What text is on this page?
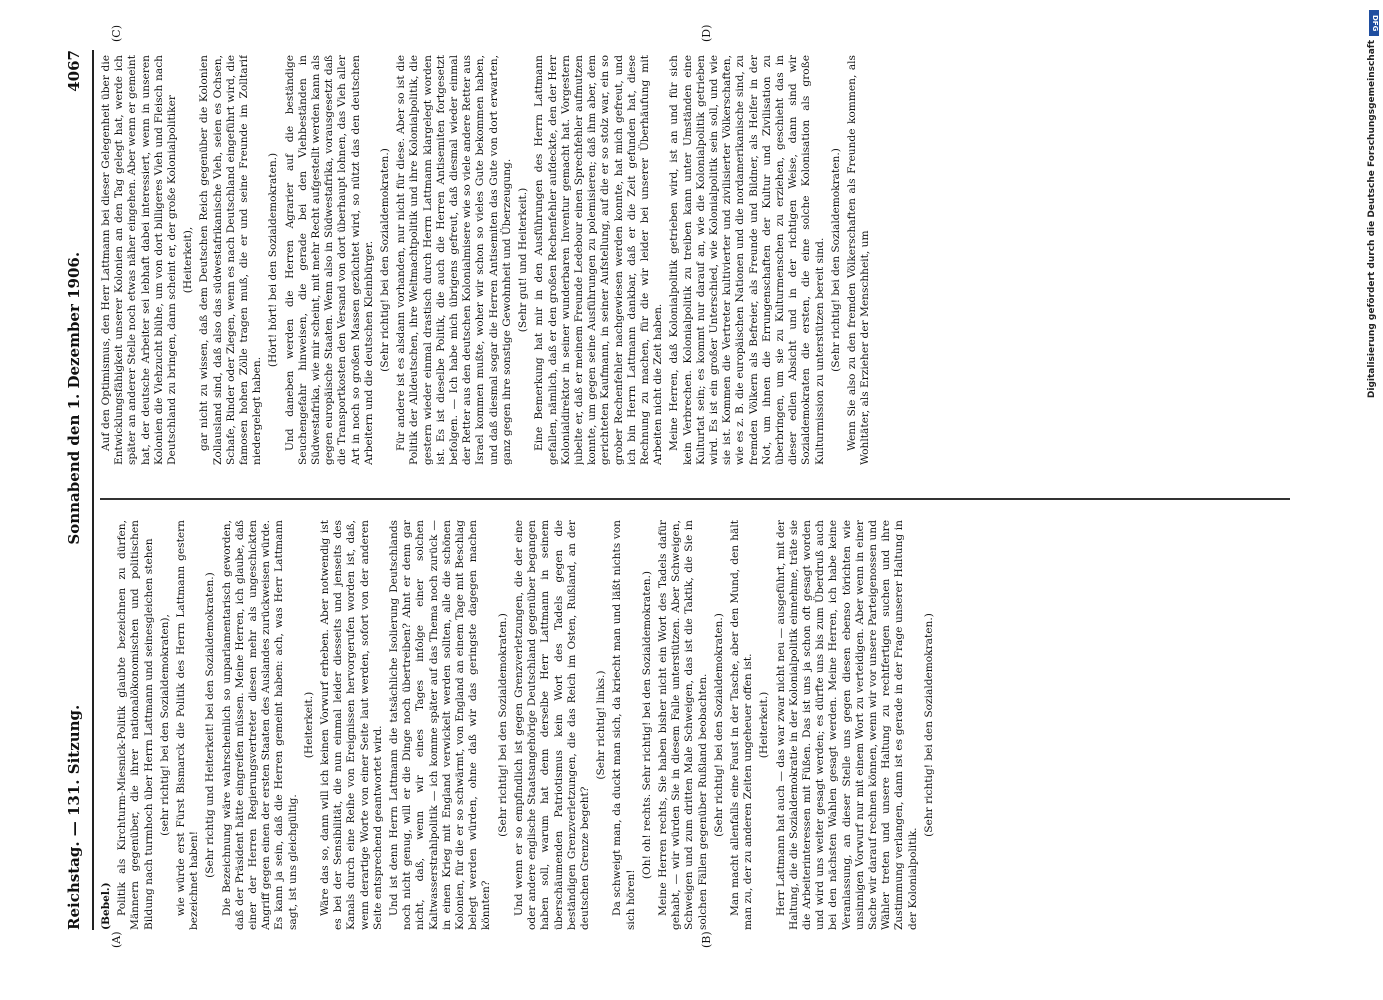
Reichstag. — 131. Sitzung.
Sonnabend den 1. Dezember 1906.
4067
(A)	(B)
(C)	(D)

(Bebel.) Politik als Kirchturm-Miesnick-Politik glaubte bezeichnen zu dürfen, Männern gegenüber, die ihrer nationalökonomischen und politischen Bildung nach turmhoch über Herrn Lattmann und seinesgleichen stehen (sehr richtig! bei den Sozialdemokraten), wie würde erst Fürst Bismarck die Politik des Herrn Lattmann gestern bezeichnet haben!

(Sehr richtig und Heiterkeit! bei den Sozialdemokraten.) Die Bezeichnung wäre wahrscheinlich so unparlamentarisch geworden, daß der Präsident hätte eingreifen müssen. Meine Herren, ich glaube, daß einer der Herren Regierungsvertreter diesen mehr als ungeschickten Angriff gegen einen der ersten Staaten des Auslandes zurückweisen würde. Es kann ja sein, daß die Herren gemeint haben: ach, was Herr Lattmann sagt, ist uns gleichgültig.

(Heiterkeit.) Wäre das so, dann will ich keinen Vorwurf erheben. Aber notwendig ist es bei der Sensibilität, die nun einmal leider diesseits und jenseits des Kanals durch eine Reihe von Ereignissen hervorgerufen worden ist, daß, wenn derartige Worte von einer Seite laut werden, sofort von der anderen Seite entsprechend geantwortet wird. Und ist denn Herrn Lattmann die tatsächliche Isolierung Deutschlands noch nicht genug, will er die Dinge noch übertreiben? Ahnt er denn gar nicht, daß, wenn wir eines Tages infolge einer solchen Kaltwasserstrahlpolitik — ich komme später auf das Thema noch zurück — in einen Krieg mit England verwickelt werden sollten, alle die schönen Kolonien, für die er so schwärmt, von England an einem Tage mit Beschlag belegt werden würden, ohne daß wir das geringste dagegen machen könnten?

(Sehr richtig! bei den Sozialdemokraten.) Und wenn er so empfindlich ist gegen Grenzverletzungen, die der eine oder andere englische Staatsangehörige Deutschland gegenüber begangen haben soll, warum hat denn derselbe Herr Lattmann in seinem überschäumenden Patriotismus kein Wort des Tadels gegen die beständigen Grenzverletzungen, die das Reich im Osten, Rußland, an der deutschen Grenze begeht?

(Sehr richtig! links.) Da schweigt man, da duckt man sich, da kriecht man und läßt nichts von sich hören!

(Oh! oh! rechts. Sehr richtig! bei den Sozialdemokraten.) Meine Herren rechts, Sie haben bisher nicht ein Wort des Tadels dafür gehabt, — wir würden Sie in diesem Falle unterstützen. Aber Schweigen, Schweigen und zum dritten Male Schweigen, das ist die Taktik, die Sie in solchen Fällen gegenüber Rußland beobachten. (Sehr richtig! bei den Sozialdemokraten.) Man macht allenfalls eine Faust in der Tasche, aber den Mund, den hält man zu, der zu anderen Zeiten ungeheuer offen ist. (Heiterkeit.) Herr Lattmann hat auch — das war zwar nicht neu — ausgeführt, mit der Haltung, die die Sozialdemokratie in der Kolonialpolitik einnehme, träte sie die Arbeiterinteressen mit Füßen. Das ist uns ja schon oft gesagt worden und wird uns weiter gesagt werden; es dürfte uns bis zum Überdruß auch bei den nächsten Wahlen gesagt werden. Meine Herren, ich habe keine Veranlassung, an dieser Stelle uns gegen diesen ebenso törichten wie unsinnigen Vorwurf nur mit einem Wort zu verteidigen. Aber wenn in einer Sache wir darauf rechnen können, wenn wir vor unsere Parteigenossen und Wähler treten und unsere Haltung zu rechtfertigen suchen und ihre Zustimmung verlangen, dann ist es gerade in der Frage unserer Haltung in der Kolonialpolitik.

(Sehr richtig! bei den Sozialdemokraten.)

Auf den Optimismus, den Herr Lattmann bei dieser Gelegenheit über die Entwicklungsfähigkeit unserer Kolonien an den Tag gelegt hat, werde ich später an anderer Stelle noch etwas näher eingehen. Aber wenn er gemeint hat, der deutsche Arbeiter sei lebhaft dabei interessiert, wenn in unseren Kolonien die Viehzucht blühe, um von dort billigeres Vieh und Fleisch nach Deutschland zu bringen, dann scheint er, der große Kolonialpolitiker (Heiterkeit), gar nicht zu wissen, daß dem Deutschen Reich gegenüber die Kolonien Zollausland sind, daß also das südwestafrikanische Vieh, seien es Ochsen, Schafe, Rinder oder Ziegen, wenn es nach Deutschland eingeführt wird, die famosen hohen Zölle tragen muß, die er und seine Freunde im Zolltarif niedergelegt haben.

(Hört! hört! bei den Sozialdemokraten.) Und daneben werden die Herren Agrarier auf die beständige Seuchengefahr hinweisen, die gerade bei den Viehbeständen in Südwestafrika, wie mir scheint, mit mehr Recht aufgestellt werden kann als gegen europäische Staaten. Wenn also in Südwestafrika, vorausgesetzt daß die Transportkosten den Versand von dort überhaupt lohnen, das Vieh aller Art in noch so großen Massen gezüchtet wird, so nützt das den deutschen Arbeitern und die deutschen Kleinbürger. (Sehr richtig! bei den Sozialdemokraten.) Für andere ist es alsdann vorhanden, nur nicht für diese. Aber so ist die Politik der Alldeutschen, ihre Weltmachtpolitik und ihre Kolonialpolitik, die gestern wieder einmal drastisch durch Herrn Lattmann klargelegt worden ist. Es ist dieselbe Politik, die auch die Herren Antisemiten fortgesetzt befolgen. — Ich habe mich übrigens gefreut, daß diesmal wieder einmal der Retter aus den deutschen Kolonialmisere wie so viele andere Retter aus Israel kommen mußte, woher wir schon so vieles Gute bekommen haben, und daß diesmal sogar die Herren Antisemiten das Gute von dort erwarten, ganz gegen ihre sonstige Gewohnheit und Überzeugung. (Sehr gut! und Heiterkeit.) Eine Bemerkung hat mir in den Ausführungen des Herrn Lattmann gefallen, nämlich, daß er den großen Rechenfehler aufdeckte, den der Herr Kolonialdirektor in seiner wunderbaren Inventur gemacht hat. Vorgestern jubelte er, daß er meinem Freunde Ledebour einen Sprechfehler aufmutzen konnte, um gegen seine Ausführungen zu polemisieren; daß ihm aber, dem gerichteten Kaufmann, in seiner Aufstellung, auf die er so stolz war, ein so grober Rechenfehler nachgewiesen werden konnte, hat mich gefreut, und ich bin Herrn Lattmann dankbar, daß er die Zeit gefunden hat, diese Rechnung zu machen, für die wir leider bei unserer Überhäufung mit Arbeiten nicht die Zeit haben. Meine Herren, daß Kolonialpolitik getrieben wird, ist an und für sich kein Verbrechen. Kolonialpolitik zu treiben kann unter Umständen eine Kulturtat sein; es kommt nur darauf an, wie die Kolonialpolitik getrieben wird. Es ist ein großer Unterschied, wie Kolonialpolitik sein soll, und wie sie ist. Kommen die Vertreter kultivierter und zivilisierter Völkerschaften, wie es z. B. die europäischen Nationen und die nordamerikanische sind, zu fremden Völkern als Befreier, als Freunde und Bildner, als Helfer in der Not, um ihnen die Errungenschaften der Kultur und Zivilisation zu überbringen, um sie zu Kulturmenschen zu erziehen, geschieht das in dieser edlen Absicht und in der richtigen Weise, dann sind wir Sozialdemokraten die ersten, die eine solche Kolonisation als große Kulturmission zu unterstützen bereit sind. (Sehr richtig! bei den Sozialdemokraten.) Wenn Sie also zu den fremden Völkerschaften als Freunde kommen, als Wohltäter, als Erzieher der Menschheit, um

DFG
Digitalisierung gefördert durch die Deutsche Forschungsgemeinschaft
